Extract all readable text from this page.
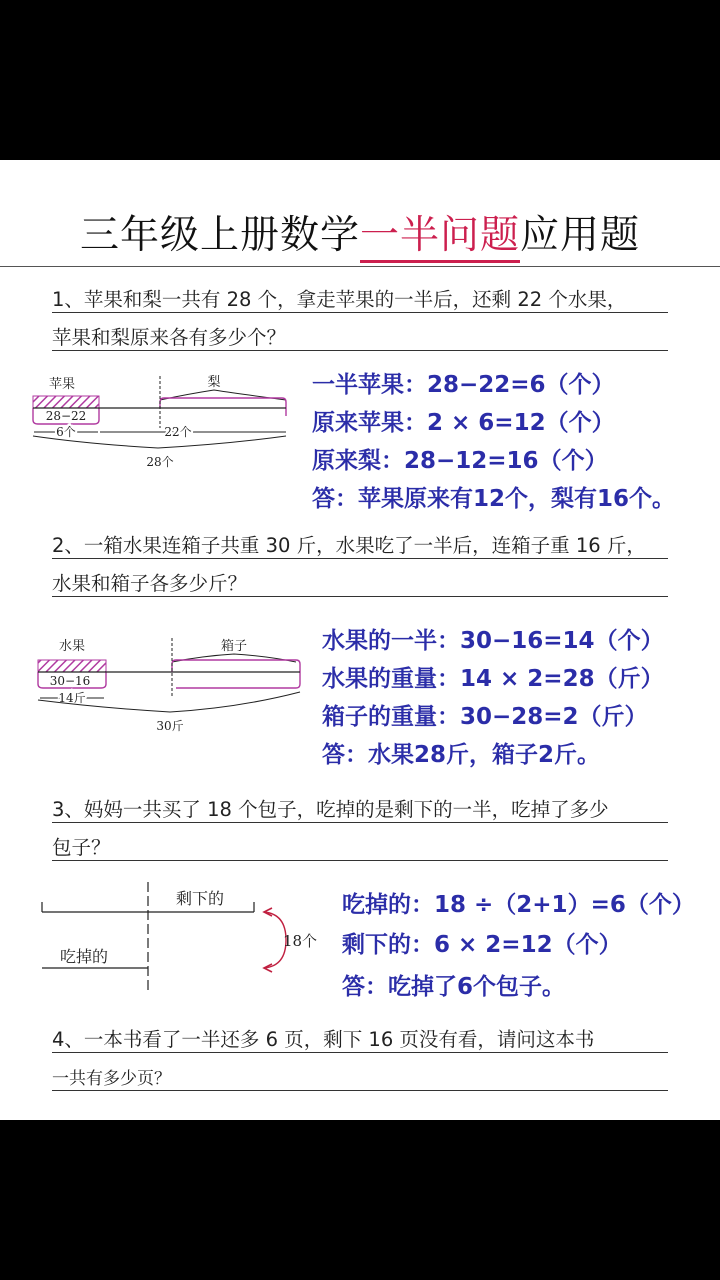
三年级上册数学一半问题应用题
1、苹果和梨一共有 28 个，拿走苹果的一半后，还剩 22 个水果，
苹果和梨原来各有多少个？
苹果	梨
28−22
6个	22个
28个
一半苹果：28−22=6（个）
原来苹果：2 × 6=12（个）
原来梨：28−12=16（个）
答：苹果原来有12个，梨有16个。
2、一箱水果连箱子共重 30 斤，水果吃了一半后，连箱子重 16 斤，
水果和箱子各多少斤？
水果	箱子
30−16
14斤
30斤
水果的一半：30−16=14（个）
水果的重量：14 × 2=28（斤）
箱子的重量：30−28=2（斤）
答：水果28斤，箱子2斤。
3、妈妈一共买了 18 个包子，吃掉的是剩下的一半，吃掉了多少
包子？
剩下的
吃掉的
18个
吃掉的：18 ÷（2+1）=6（个）
剩下的：6 × 2=12（个）
答：吃掉了6个包子。
4、一本书看了一半还多 6 页，剩下 16 页没有看，请问这本书
一共有多少页？
